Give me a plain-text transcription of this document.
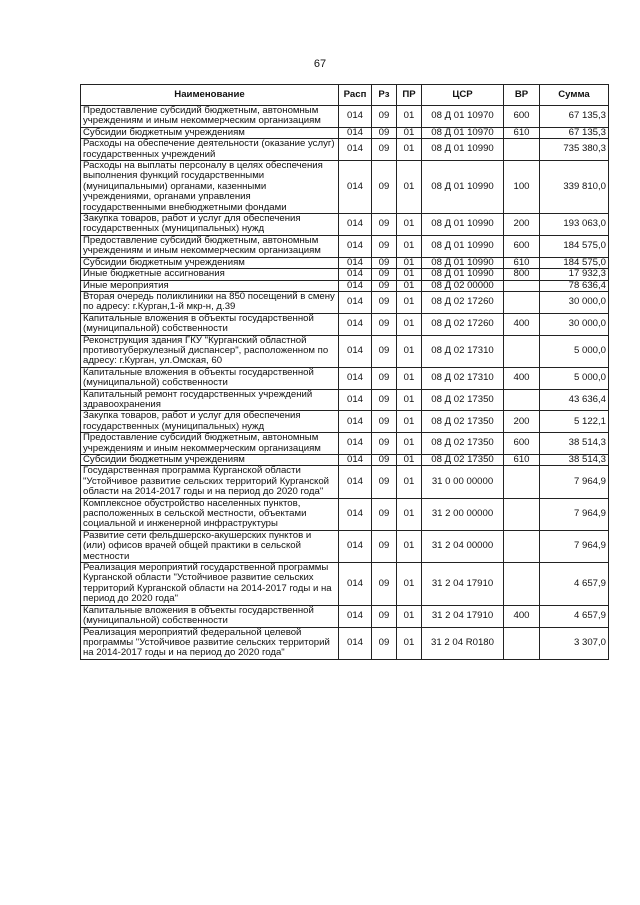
67
Наименование	Расп	Рз	ПР	ЦСР	ВР	Сумма
Предоставление субсидий бюджетным, автономным учреждениям и иным некоммерческим организациям	014	09	01	08 Д 01 10970	600	67 135,3
Субсидии бюджетным учреждениям	014	09	01	08 Д 01 10970	610	67 135,3
Расходы на обеспечение деятельности (оказание услуг) государственных учреждений	014	09	01	08 Д 01 10990		735 380,3
Расходы на выплаты персоналу в целях обеспечения выполнения функций государственными (муниципальными) органами, казенными учреждениями, органами управления государственными внебюджетными фондами	014	09	01	08 Д 01 10990	100	339 810,0
Закупка товаров, работ и услуг для обеспечения государственных (муниципальных) нужд	014	09	01	08 Д 01 10990	200	193 063,0
Предоставление субсидий бюджетным, автономным учреждениям и иным некоммерческим организациям	014	09	01	08 Д 01 10990	600	184 575,0
Субсидии бюджетным учреждениям	014	09	01	08 Д 01 10990	610	184 575,0
Иные бюджетные ассигнования	014	09	01	08 Д 01 10990	800	17 932,3
Иные мероприятия	014	09	01	08 Д 02 00000		78 636,4
Вторая очередь поликлиники на 850 посещений в смену по адресу: г.Курган,1-й мкр-н, д.39	014	09	01	08 Д 02 17260		30 000,0
Капитальные вложения в объекты государственной (муниципальной) собственности	014	09	01	08 Д 02 17260	400	30 000,0
Реконструкция здания ГКУ "Курганский областной противотуберкулезный диспансер", расположенном по адресу: г.Курган, ул.Омская, 60	014	09	01	08 Д 02 17310		5 000,0
Капитальные вложения в объекты государственной (муниципальной) собственности	014	09	01	08 Д 02 17310	400	5 000,0
Капитальный ремонт государственных учреждений здравоохранения	014	09	01	08 Д 02 17350		43 636,4
Закупка товаров, работ и услуг для обеспечения государственных (муниципальных) нужд	014	09	01	08 Д 02 17350	200	5 122,1
Предоставление субсидий бюджетным, автономным учреждениям и иным некоммерческим организациям	014	09	01	08 Д 02 17350	600	38 514,3
Субсидии бюджетным учреждениям	014	09	01	08 Д 02 17350	610	38 514,3
Государственная программа Курганской области "Устойчивое развитие сельских территорий Курганской области на 2014-2017 годы и на период до 2020 года"	014	09	01	31 0 00 00000		7 964,9
Комплексное обустройство населенных пунктов, расположенных в сельской местности, объектами социальной и инженерной инфраструктуры	014	09	01	31 2 00 00000		7 964,9
Развитие сети фельдшерско-акушерских пунктов и (или) офисов врачей общей практики в сельской местности	014	09	01	31 2 04 00000		7 964,9
Реализация мероприятий государственной программы Курганской области "Устойчивое развитие сельских территорий Курганской области на 2014-2017 годы и на период до 2020 года"	014	09	01	31 2 04 17910		4 657,9
Капитальные вложения в объекты государственной (муниципальной) собственности	014	09	01	31 2 04 17910	400	4 657,9
Реализация мероприятий федеральной целевой программы "Устойчивое развитие сельских территорий на 2014-2017 годы и на период до 2020 года"	014	09	01	31 2 04 R0180		3 307,0
